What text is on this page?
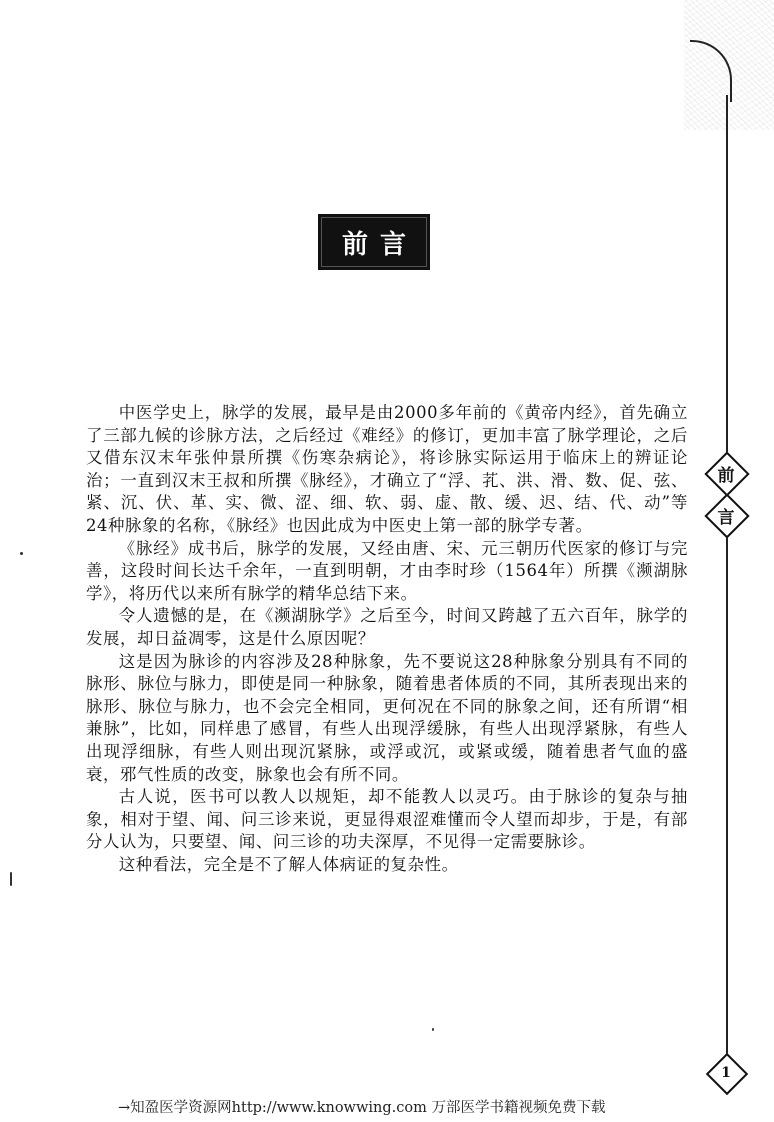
前言
前
言

中医学史上，脉学的发展，最早是由2000多年前的《黄帝内经》，首先确立了三部九候的诊脉方法，之后经过《难经》的修订，更加丰富了脉学理论，之后又借东汉末年张仲景所撰《伤寒杂病论》，将诊脉实际运用于临床上的辨证论治；一直到汉末王叔和所撰《脉经》，才确立了“浮、芤、洪、滑、数、促、弦、紧、沉、伏、革、实、微、涩、细、软、弱、虚、散、缓、迟、结、代、动”等24种脉象的名称，《脉经》也因此成为中医史上第一部的脉学专著。

《脉经》成书后，脉学的发展，又经由唐、宋、元三朝历代医家的修订与完善，这段时间长达千余年，一直到明朝，才由李时珍（1564年）所撰《濒湖脉学》，将历代以来所有脉学的精华总结下来。

令人遗憾的是，在《濒湖脉学》之后至今，时间又跨越了五六百年，脉学的发展，却日益凋零，这是什么原因呢？

这是因为脉诊的内容涉及28种脉象，先不要说这28种脉象分别具有不同的脉形、脉位与脉力，即使是同一种脉象，随着患者体质的不同，其所表现出来的脉形、脉位与脉力，也不会完全相同，更何况在不同的脉象之间，还有所谓“相兼脉”，比如，同样患了感冒，有些人出现浮缓脉，有些人出现浮紧脉，有些人出现浮细脉，有些人则出现沉紧脉，或浮或沉，或紧或缓，随着患者气血的盛衰，邪气性质的改变，脉象也会有所不同。

古人说，医书可以教人以规矩，却不能教人以灵巧。由于脉诊的复杂与抽象，相对于望、闻、问三诊来说，更显得艰涩难懂而令人望而却步，于是，有部分人认为，只要望、闻、问三诊的功夫深厚，不见得一定需要脉诊。

这种看法，完全是不了解人体病证的复杂性。

1
→知盈医学资源网http://www.knowwing.com 万部医学书籍视频免费下载
